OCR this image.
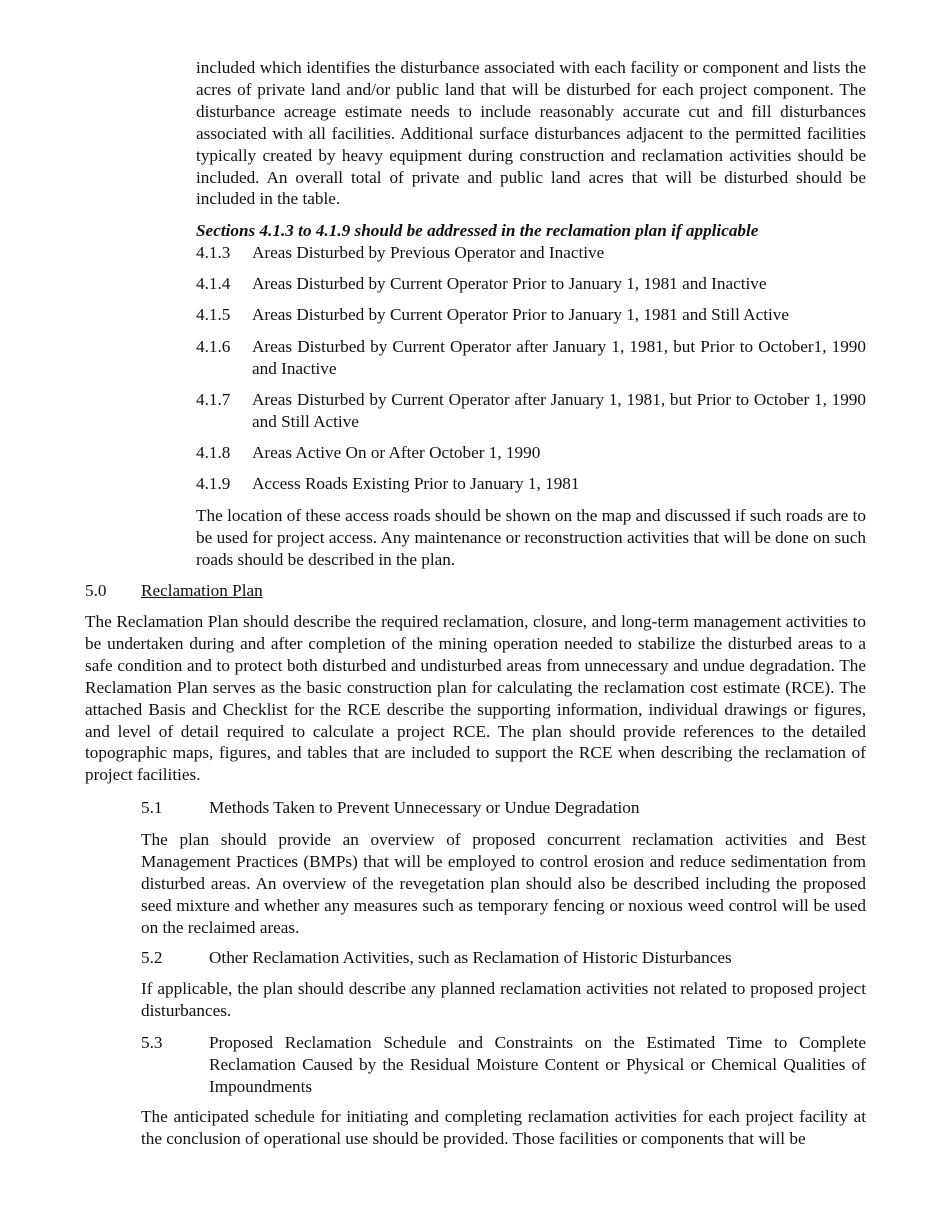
included which identifies the disturbance associated with each facility or component and lists the acres of private land and/or public land that will be disturbed for each project component. The disturbance acreage estimate needs to include reasonably accurate cut and fill disturbances associated with all facilities. Additional surface disturbances adjacent to the permitted facilities typically created by heavy equipment during construction and reclamation activities should be included. An overall total of private and public land acres that will be disturbed should be included in the table.

Sections 4.1.3 to 4.1.9 should be addressed in the reclamation plan if applicable

4.1.3 Areas Disturbed by Previous Operator and Inactive
4.1.4 Areas Disturbed by Current Operator Prior to January 1, 1981 and Inactive
4.1.5 Areas Disturbed by Current Operator Prior to January 1, 1981 and Still Active
4.1.6 Areas Disturbed by Current Operator after January 1, 1981, but Prior to October1, 1990 and Inactive
4.1.7 Areas Disturbed by Current Operator after January 1, 1981, but Prior to October 1, 1990 and Still Active
4.1.8 Areas Active On or After October 1, 1990
4.1.9 Access Roads Existing Prior to January 1, 1981

The location of these access roads should be shown on the map and discussed if such roads are to be used for project access. Any maintenance or reconstruction activities that will be done on such roads should be described in the plan.

5.0 Reclamation Plan

The Reclamation Plan should describe the required reclamation, closure, and long-term management activities to be undertaken during and after completion of the mining operation needed to stabilize the disturbed areas to a safe condition and to protect both disturbed and undisturbed areas from unnecessary and undue degradation. The Reclamation Plan serves as the basic construction plan for calculating the reclamation cost estimate (RCE). The attached Basis and Checklist for the RCE describe the supporting information, individual drawings or figures, and level of detail required to calculate a project RCE. The plan should provide references to the detailed topographic maps, figures, and tables that are included to support the RCE when describing the reclamation of project facilities.

5.1	Methods Taken to Prevent Unnecessary or Undue Degradation

The plan should provide an overview of proposed concurrent reclamation activities and Best Management Practices (BMPs) that will be employed to control erosion and reduce sedimentation from disturbed areas. An overview of the revegetation plan should also be described including the proposed seed mixture and whether any measures such as temporary fencing or noxious weed control will be used on the reclaimed areas.

5.2	Other Reclamation Activities, such as Reclamation of Historic Disturbances

If applicable, the plan should describe any planned reclamation activities not related to proposed project disturbances.

5.3	Proposed Reclamation Schedule and Constraints on the Estimated Time to Complete Reclamation Caused by the Residual Moisture Content or Physical or Chemical Qualities of Impoundments

The anticipated schedule for initiating and completing reclamation activities for each project facility at the conclusion of operational use should be provided. Those facilities or components that will be
